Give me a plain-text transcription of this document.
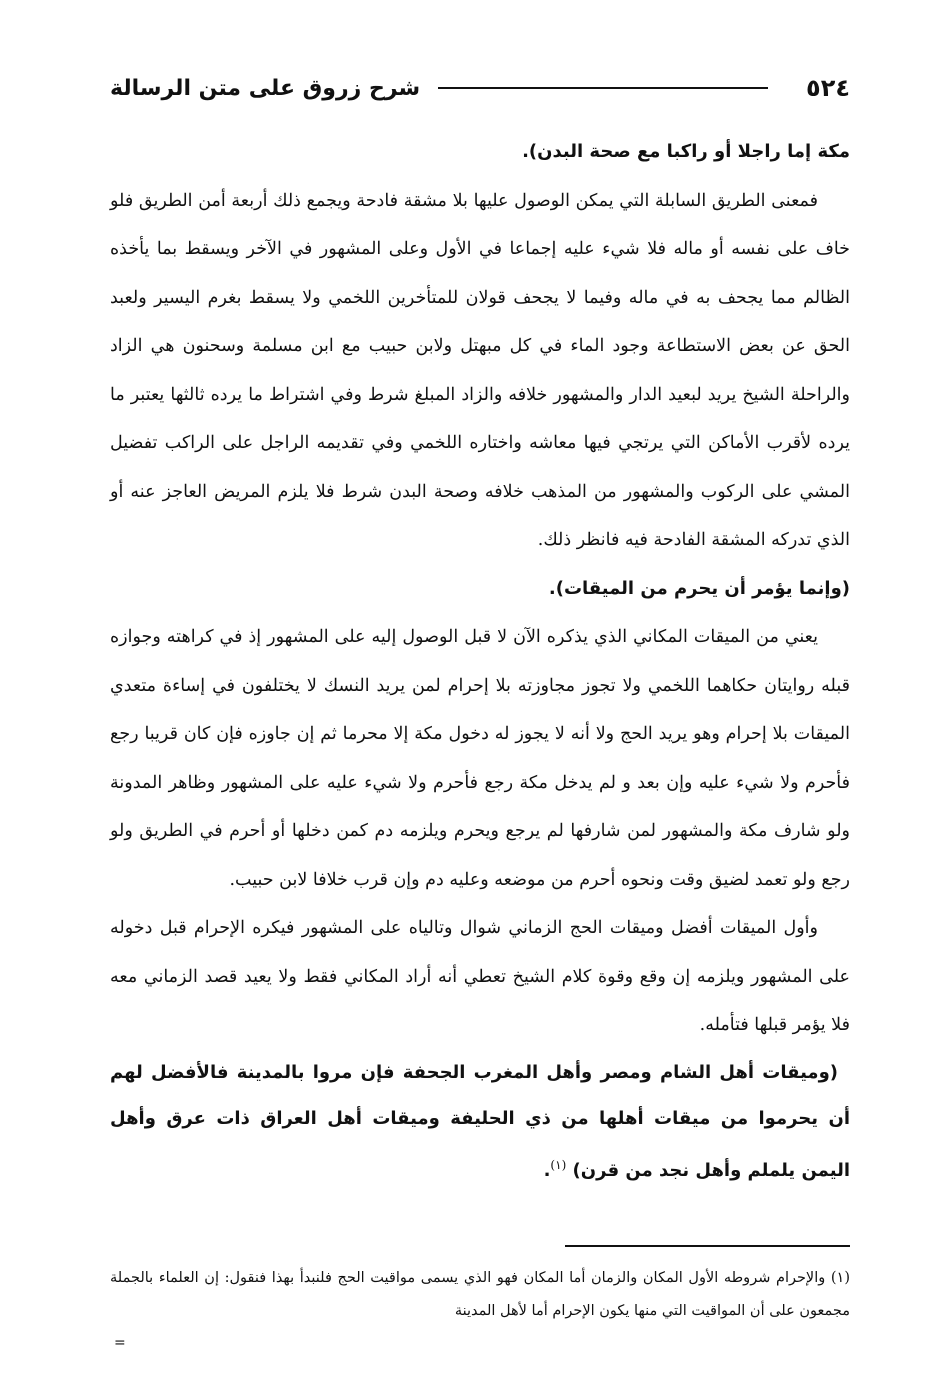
٥٢٤
شرح زروق على متن الرسالة

مكة إما راجلا أو راكبا مع صحة البدن).

فمعنى الطريق السابلة التي يمكن الوصول عليها بلا مشقة فادحة ويجمع ذلك أربعة أمن الطريق فلو خاف على نفسه أو ماله فلا شيء عليه إجماعا في الأول وعلى المشهور في الآخر ويسقط بما يأخذه الظالم مما يجحف به في ماله وفيما لا يجحف قولان للمتأخرين اللخمي ولا يسقط بغرم اليسير ولعبد الحق عن بعض الاستطاعة وجود الماء في كل مبهتل ولابن حبيب مع ابن مسلمة وسحنون هي الزاد والراحلة الشيخ يريد لبعيد الدار والمشهور خلافه والزاد المبلغ شرط وفي اشتراط ما يرده ثالثها يعتبر ما يرده لأقرب الأماكن التي يرتجي فيها معاشه واختاره اللخمي وفي تقديمه الراجل على الراكب تفضيل المشي على الركوب والمشهور من المذهب خلافه وصحة البدن شرط فلا يلزم المريض العاجز عنه أو الذي تدركه المشقة الفادحة فيه فانظر ذلك.

(وإنما يؤمر أن يحرم من الميقات).

يعني من الميقات المكاني الذي يذكره الآن لا قبل الوصول إليه على المشهور إذ في كراهته وجوازه قبله روايتان حكاهما اللخمي ولا تجوز مجاوزته بلا إحرام لمن يريد النسك لا يختلفون في إساءة متعدي الميقات بلا إحرام وهو يريد الحج ولا أنه لا يجوز له دخول مكة إلا محرما ثم إن جاوزه فإن كان قريبا رجع فأحرم ولا شيء عليه وإن بعد و لم يدخل مكة رجع فأحرم ولا شيء عليه على المشهور وظاهر المدونة ولو شارف مكة والمشهور لمن شارفها لم يرجع ويحرم ويلزمه دم كمن دخلها أو أحرم في الطريق ولو رجع ولو تعمد لضيق وقت ونحوه أحرم من موضعه وعليه دم وإن قرب خلافا لابن حبيب.

وأول الميقات أفضل وميقات الحج الزماني شوال وتالياه على المشهور فيكره الإحرام قبل دخوله على المشهور ويلزمه إن وقع وقوة كلام الشيخ تعطي أنه أراد المكاني فقط ولا يعيد قصد الزماني معه فلا يؤمر قبلها فتأمله.

(وميقات أهل الشام ومصر وأهل المغرب الجحفة فإن مروا بالمدينة فالأفضل لهم أن يحرموا من ميقات أهلها من ذي الحليفة وميقات أهل العراق ذات عرق وأهل اليمن يلملم وأهل نجد من قرن) $^{(١)}$.

(١) والإحرام شروطه الأول المكان والزمان أما المكان فهو الذي يسمى مواقيت الحج فلنبدأ بهذا فنقول: إن العلماء بالجملة مجمعون على أن المواقيت التي منها يكون الإحرام أما لأهل المدينة

=
